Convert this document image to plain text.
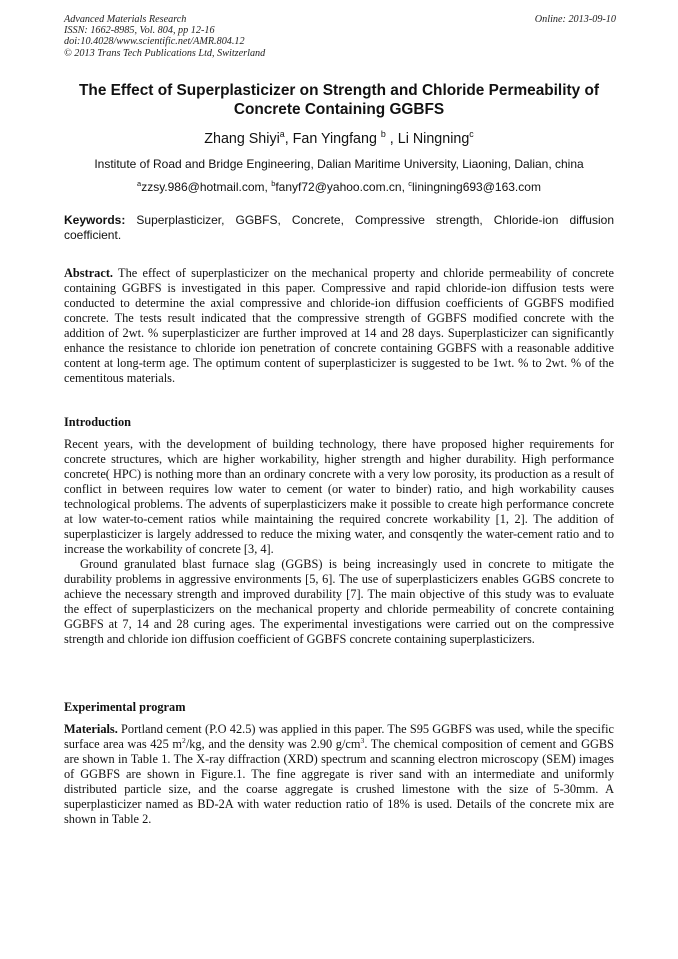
Advanced Materials Research
ISSN: 1662-8985, Vol. 804, pp 12-16
doi:10.4028/www.scientific.net/AMR.804.12
© 2013 Trans Tech Publications Ltd, Switzerland
Online: 2013-09-10
The Effect of Superplasticizer on Strength and Chloride Permeability of Concrete Containing GGBFS
Zhang Shiyi$^a$, Fan Yingfang $^b$ , Li Ningning$^c$
Institute of Road and Bridge Engineering, Dalian Maritime University, Liaoning, Dalian, china
$^a$zzsy.986@hotmail.com, $^b$fanyf72@yahoo.com.cn, $^c$liningning693@163.com
Keywords: Superplasticizer, GGBFS, Concrete, Compressive strength, Chloride-ion diffusion coefficient.

Abstract. The effect of superplasticizer on the mechanical property and chloride permeability of concrete containing GGBFS is investigated in this paper. Compressive and rapid chloride-ion diffusion tests were conducted to determine the axial compressive and chloride-ion diffusion coefficients of GGBFS modified concrete. The tests result indicated that the compressive strength of GGBFS modified concrete with the addition of 2wt. % superplasticizer are further improved at 14 and 28 days. Superplasticizer can significantly enhance the resistance to chloride ion penetration of concrete containing GGBFS with a reasonable additive content at long-term age. The optimum content of superplasticizer is suggested to be 1wt. % to 2wt. % of the cementitous materials.

Introduction

Recent years, with the development of building technology, there have proposed higher requirements for concrete structures, which are higher workability, higher strength and higher durability. High performance concrete( HPC) is nothing more than an ordinary concrete with a very low porosity, its production as a result of conflict in between requires low water to cement (or water to binder) ratio, and high workability causes technological problems. The advents of superplasticizers make it possible to create high performance concrete at low water-to-cement ratios while maintaining the required concrete workability [1, 2]. The addition of superplasticizer is largely addressed to reduce the mixing water, and consqently the water-cement ratio and to increase the workability of concrete [3, 4].

Ground granulated blast furnace slag (GGBS) is being increasingly used in concrete to mitigate the durability problems in aggressive environments [5, 6]. The use of superplasticizers enables GGBS concrete to achieve the necessary strength and improved durability [7]. The main objective of this study was to evaluate the effect of superplasticizers on the mechanical property and chloride permeability of concrete containing GGBFS at 7, 14 and 28 curing ages. The experimental investigations were carried out on the compressive strength and chloride ion diffusion coefficient of GGBFS concrete containing superplasticizers.

Experimental program

Materials. Portland cement (P.O 42.5) was applied in this paper. The S95 GGBFS was used, while the specific surface area was 425 $m^2/kg$, and the density was 2.90 $g/cm^3$. The chemical composition of cement and GGBS are shown in Table 1. The X-ray diffraction (XRD) spectrum and scanning electron microscopy (SEM) images of GGBFS are shown in Figure.1. The fine aggregate is river sand with an intermediate and uniformly distributed particle size, and the coarse aggregate is crushed limestone with the size of 5-30mm. A superplasticizer named as BD-2A with water reduction ratio of 18% is used. Details of the concrete mix are shown in Table 2.
